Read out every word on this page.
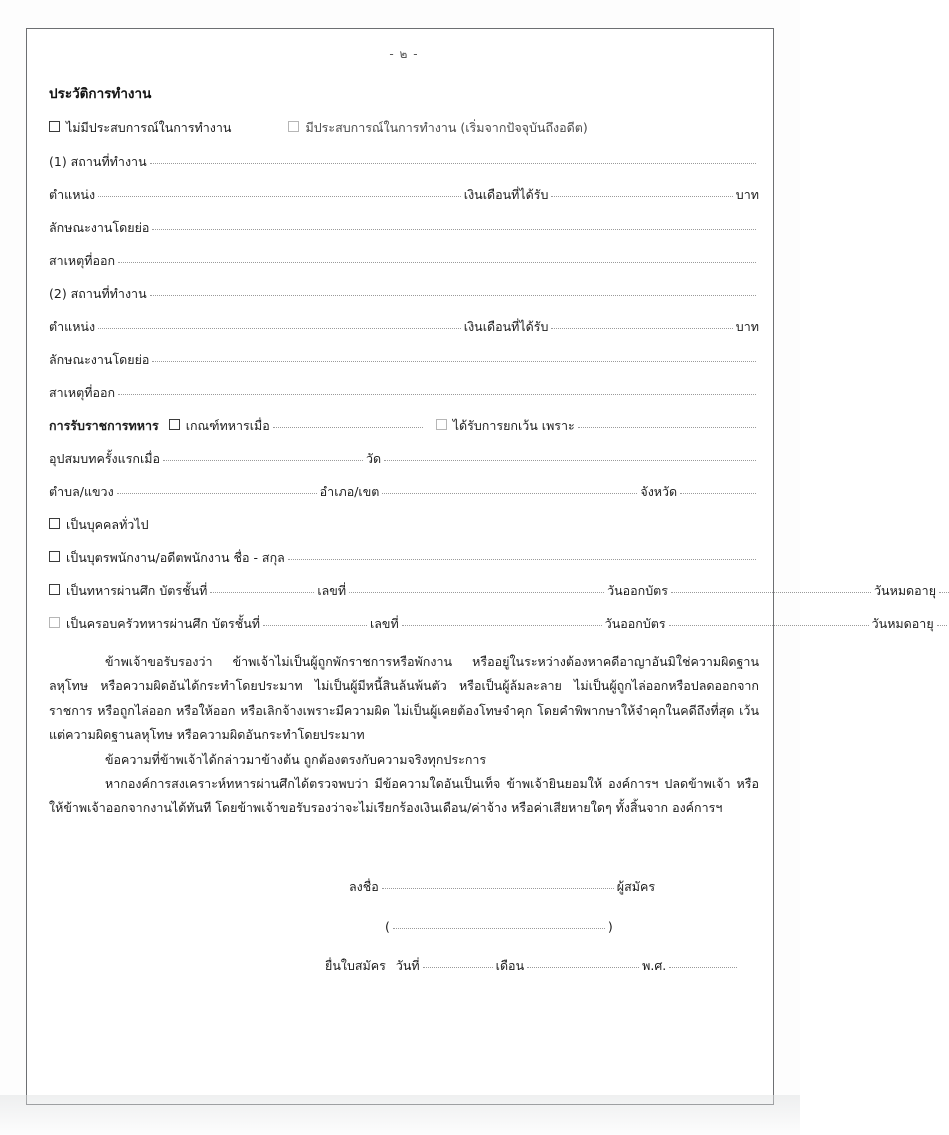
- ๒ -
ประวัติการทำงาน
ไม่มีประสบการณ์ในการทำงาน	มีประสบการณ์ในการทำงาน (เริ่มจากปัจจุบันถึงอดีต)
(1) สถานที่ทำงาน
ตำแหน่ง	เงินเดือนที่ได้รับ	บาท
ลักษณะงานโดยย่อ
สาเหตุที่ออก
(2) สถานที่ทำงาน
ตำแหน่ง	เงินเดือนที่ได้รับ	บาท
ลักษณะงานโดยย่อ
สาเหตุที่ออก
การรับราชการทหาร เกณฑ์ทหารเมื่อ	ได้รับการยกเว้น เพราะ
อุปสมบทครั้งแรกเมื่อ	วัด
ตำบล/แขวง	อำเภอ/เขต	จังหวัด
เป็นบุคคลทั่วไป
เป็นบุตรพนักงาน/อดีตพนักงาน ชื่อ - สกุล
เป็นทหารผ่านศึก บัตรชั้นที่	เลขที่	วันออกบัตร	วันหมดอายุ
เป็นครอบครัวทหารผ่านศึก บัตรชั้นที่	เลขที่	วันออกบัตร	วันหมดอายุ

ข้าพเจ้าขอรับรองว่า ข้าพเจ้าไม่เป็นผู้ถูกพักราชการหรือพักงาน หรืออยู่ในระหว่างต้องหาคดีอาญาอันมิใช่ความผิดฐานลหุโทษ หรือความผิดอันได้กระทำโดยประมาท ไม่เป็นผู้มีหนี้สินล้นพ้นตัว หรือเป็นผู้ล้มละลาย ไม่เป็นผู้ถูกไล่ออกหรือปลดออกจากราชการ หรือถูกไล่ออก หรือให้ออก หรือเลิกจ้างเพราะมีความผิด ไม่เป็นผู้เคยต้องโทษจำคุก โดยคำพิพากษาให้จำคุกในคดีถึงที่สุด เว้นแต่ความผิดฐานลหุโทษ หรือความผิดอันกระทำโดยประมาท

ข้อความที่ข้าพเจ้าได้กล่าวมาข้างต้น ถูกต้องตรงกับความจริงทุกประการ

หากองค์การสงเคราะห์ทหารผ่านศึกได้ตรวจพบว่า มีข้อความใดอันเป็นเท็จ ข้าพเจ้ายินยอมให้ องค์การฯ ปลดข้าพเจ้า หรือให้ข้าพเจ้าออกจากงานได้ทันที โดยข้าพเจ้าขอรับรองว่าจะไม่เรียกร้องเงินเดือน/ค่าจ้าง หรือค่าเสียหายใดๆ ทั้งสิ้นจาก องค์การฯ

ลงชื่อ	ผู้สมัคร
(	)
ยื่นใบสมัคร วันที่	เดือน	พ.ศ.
